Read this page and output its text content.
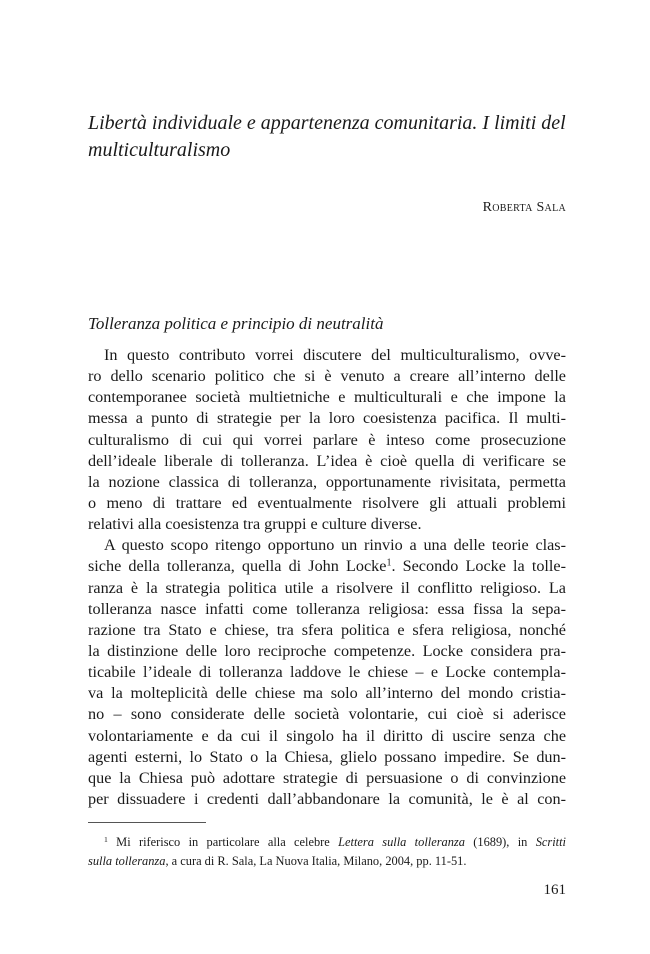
Libertà individuale e appartenenza comunitaria. I limiti del
multiculturalismo
Roberta Sala
Tolleranza politica e principio di neutralità
In questo contributo vorrei discutere del multiculturalismo, ovve-
ro dello scenario politico che si è venuto a creare all’interno delle
contemporanee società multietniche e multiculturali e che impone la
messa a punto di strategie per la loro coesistenza pacifica. Il multi-
culturalismo di cui qui vorrei parlare è inteso come prosecuzione
dell’ideale liberale di tolleranza. L’idea è cioè quella di verificare se
la nozione classica di tolleranza, opportunamente rivisitata, permetta
o meno di trattare ed eventualmente risolvere gli attuali problemi
relativi alla coesistenza tra gruppi e culture diverse.
A questo scopo ritengo opportuno un rinvio a una delle teorie clas-
siche della tolleranza, quella di John Locke$^1$. Secondo Locke la tolle-
ranza è la strategia politica utile a risolvere il conflitto religioso. La
tolleranza nasce infatti come tolleranza religiosa: essa fissa la sepa-
razione tra Stato e chiese, tra sfera politica e sfera religiosa, nonché
la distinzione delle loro reciproche competenze. Locke considera pra-
ticabile l’ideale di tolleranza laddove le chiese – e Locke contempla-
va la molteplicità delle chiese ma solo all’interno del mondo cristia-
no – sono considerate delle società volontarie, cui cioè si aderisce
volontariamente e da cui il singolo ha il diritto di uscire senza che
agenti esterni, lo Stato o la Chiesa, glielo possano impedire. Se dun-
que la Chiesa può adottare strategie di persuasione o di convinzione
per dissuadere i credenti dall’abbandonare la comunità, le è al con-
$^1$ Mi riferisco in particolare alla celebre Lettera sulla tolleranza (1689), in Scritti
sulla tolleranza, a cura di R. Sala, La Nuova Italia, Milano, 2004, pp. 11-51.
161
